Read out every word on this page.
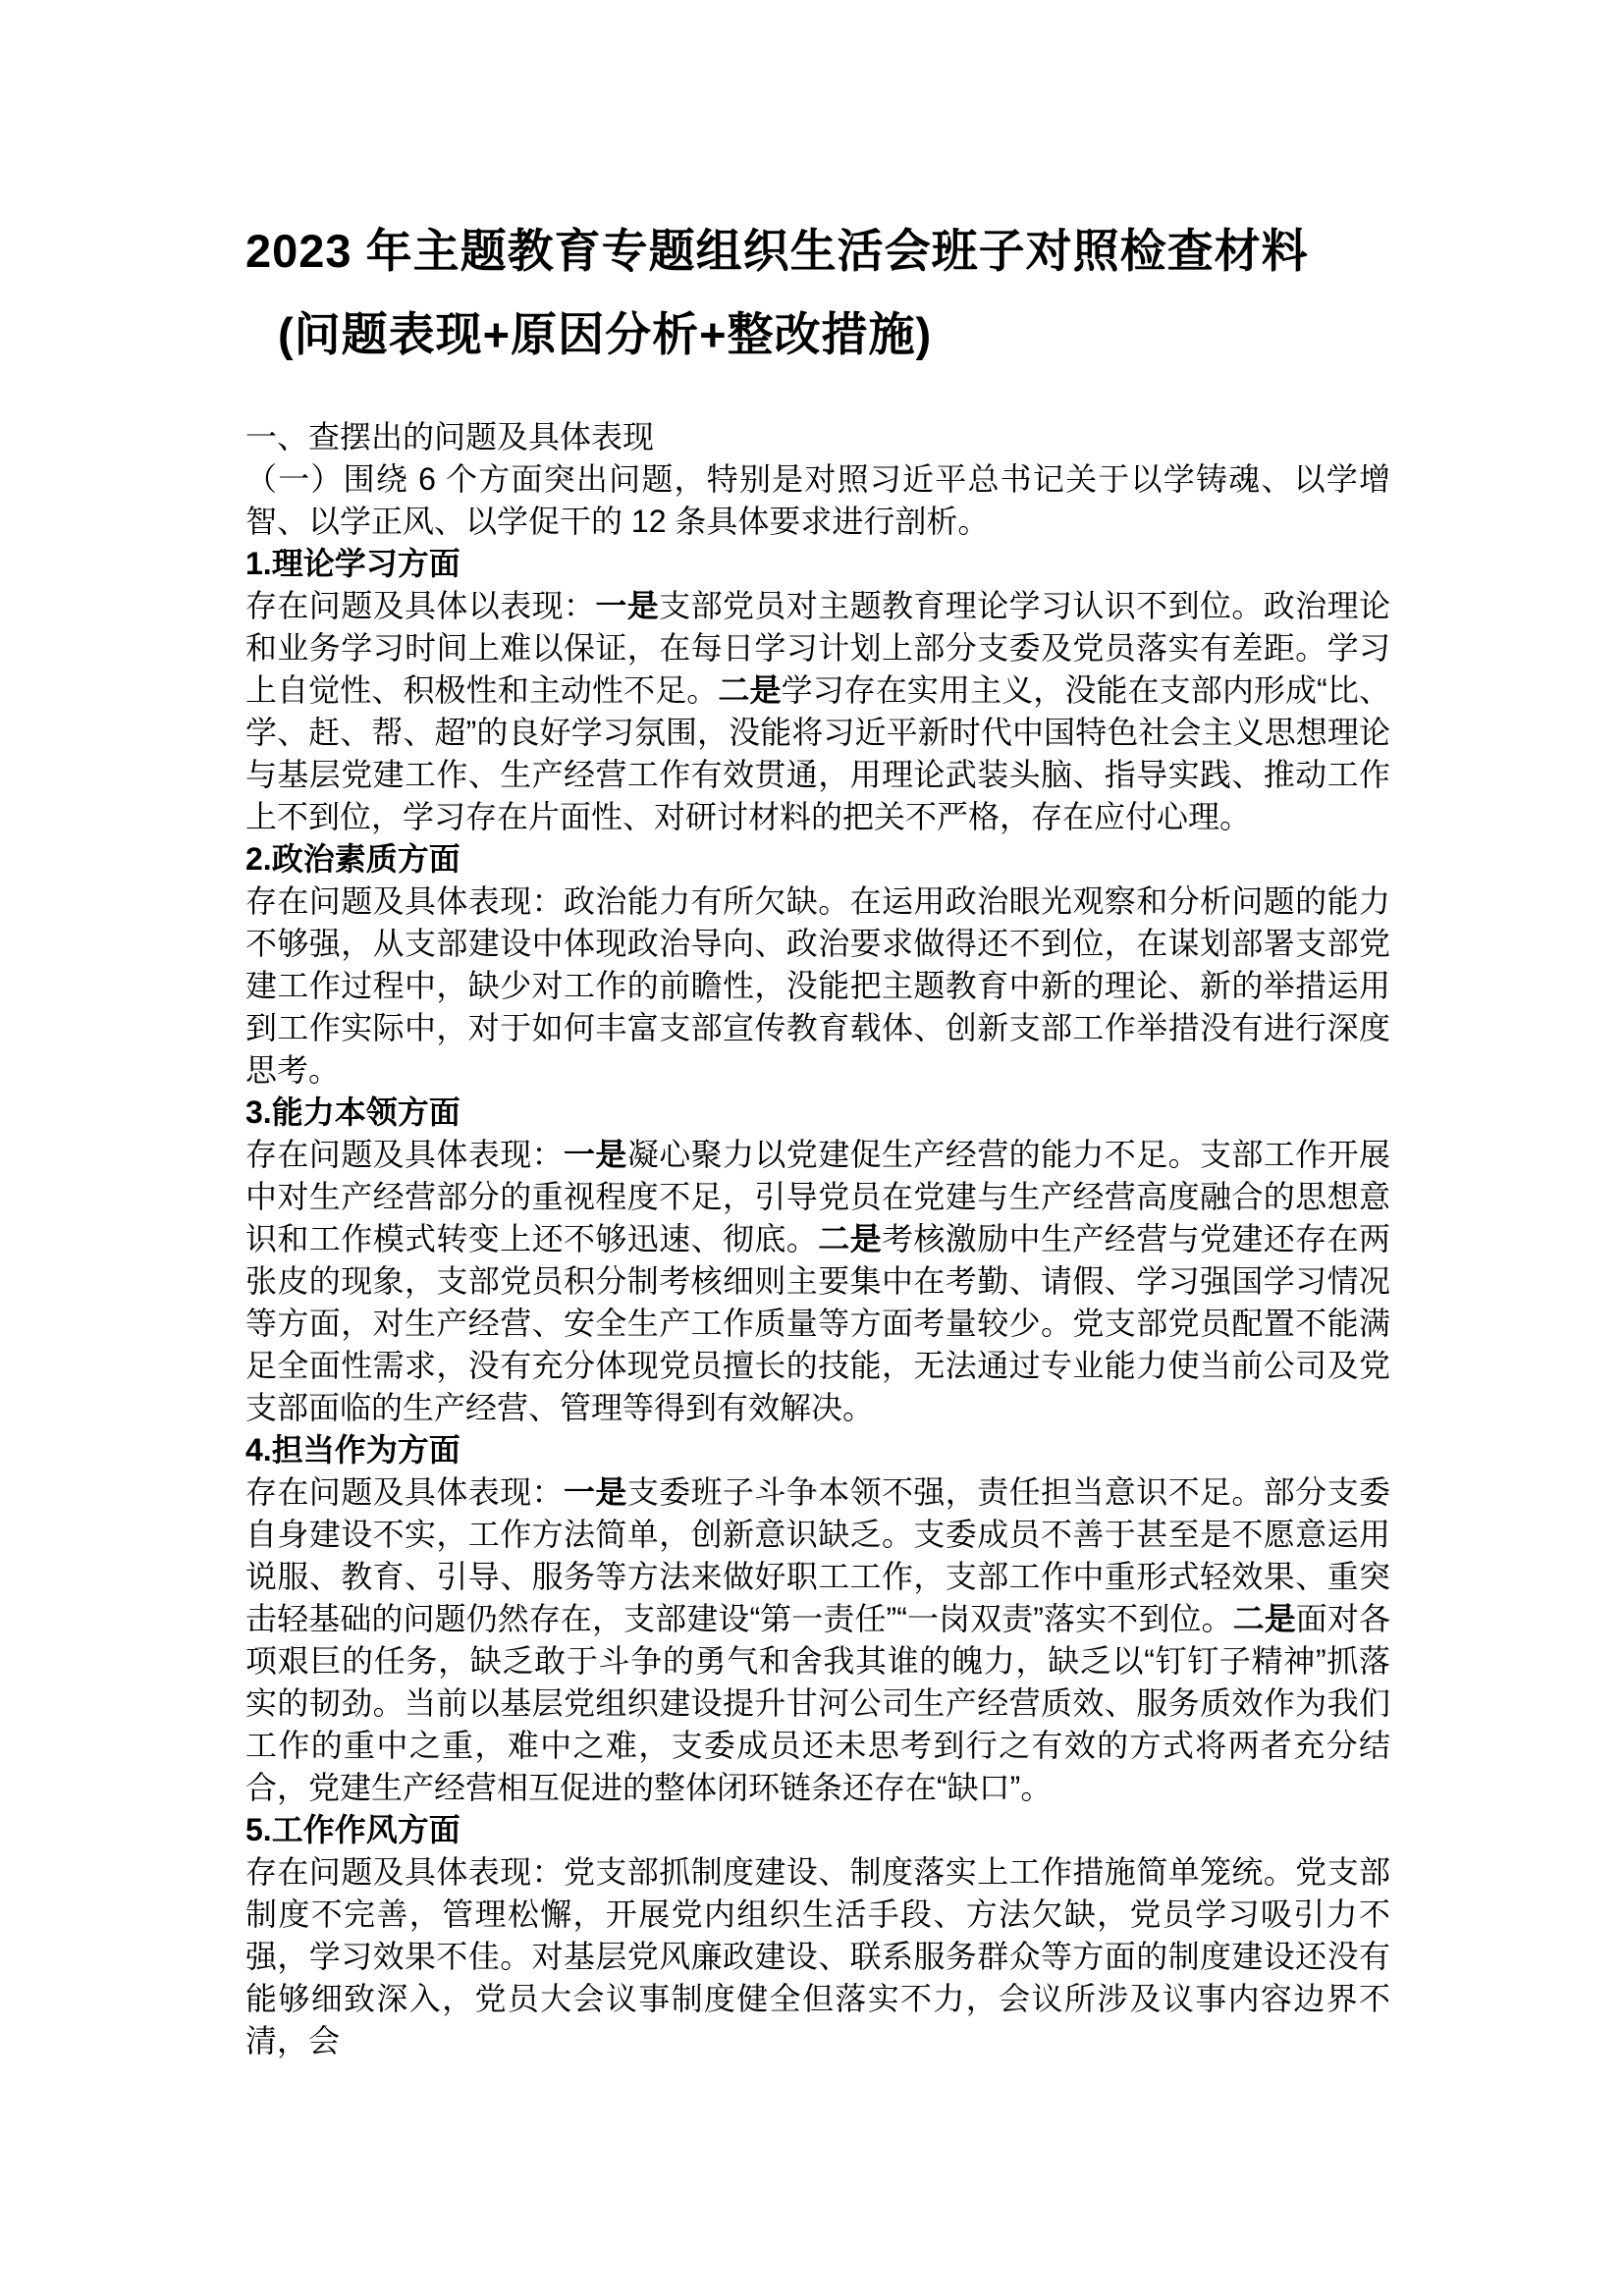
2023 年主题教育专题组织生活会班子对照检查材料
(问题表现+原因分析+整改措施)

一、查摆出的问题及具体表现

（一）围绕 6 个方面突出问题，特别是对照习近平总书记关于以学铸魂、以学增智、以学正风、以学促干的 12 条具体要求进行剖析。

1.理论学习方面

存在问题及具体以表现：一是支部党员对主题教育理论学习认识不到位。政治理论和业务学习时间上难以保证，在每日学习计划上部分支委及党员落实有差距。学习上自觉性、积极性和主动性不足。二是学习存在实用主义，没能在支部内形成“比、学、赶、帮、超”的良好学习氛围，没能将习近平新时代中国特色社会主义思想理论与基层党建工作、生产经营工作有效贯通，用理论武装头脑、指导实践、推动工作上不到位，学习存在片面性、对研讨材料的把关不严格，存在应付心理。

2.政治素质方面

存在问题及具体表现：政治能力有所欠缺。在运用政治眼光观察和分析问题的能力不够强，从支部建设中体现政治导向、政治要求做得还不到位，在谋划部署支部党建工作过程中，缺少对工作的前瞻性，没能把主题教育中新的理论、新的举措运用到工作实际中，对于如何丰富支部宣传教育载体、创新支部工作举措没有进行深度思考。

3.能力本领方面

存在问题及具体表现：一是凝心聚力以党建促生产经营的能力不足。支部工作开展中对生产经营部分的重视程度不足，引导党员在党建与生产经营高度融合的思想意识和工作模式转变上还不够迅速、彻底。二是考核激励中生产经营与党建还存在两张皮的现象，支部党员积分制考核细则主要集中在考勤、请假、学习强国学习情况等方面，对生产经营、安全生产工作质量等方面考量较少。党支部党员配置不能满足全面性需求，没有充分体现党员擅长的技能，无法通过专业能力使当前公司及党支部面临的生产经营、管理等得到有效解决。

4.担当作为方面

存在问题及具体表现：一是支委班子斗争本领不强，责任担当意识不足。部分支委自身建设不实，工作方法简单，创新意识缺乏。支委成员不善于甚至是不愿意运用说服、教育、引导、服务等方法来做好职工工作，支部工作中重形式轻效果、重突击轻基础的问题仍然存在，支部建设“第一责任”“一岗双责”落实不到位。二是面对各项艰巨的任务，缺乏敢于斗争的勇气和舍我其谁的魄力，缺乏以“钉钉子精神”抓落实的韧劲。当前以基层党组织建设提升甘河公司生产经营质效、服务质效作为我们工作的重中之重，难中之难，支委成员还未思考到行之有效的方式将两者充分结合，党建生产经营相互促进的整体闭环链条还存在“缺口”。

5.工作作风方面

存在问题及具体表现：党支部抓制度建设、制度落实上工作措施简单笼统。党支部制度不完善，管理松懈，开展党内组织生活手段、方法欠缺，党员学习吸引力不强，学习效果不佳。对基层党风廉政建设、联系服务群众等方面的制度建设还没有能够细致深入，党员大会议事制度健全但落实不力，会议所涉及议事内容边界不清，会
